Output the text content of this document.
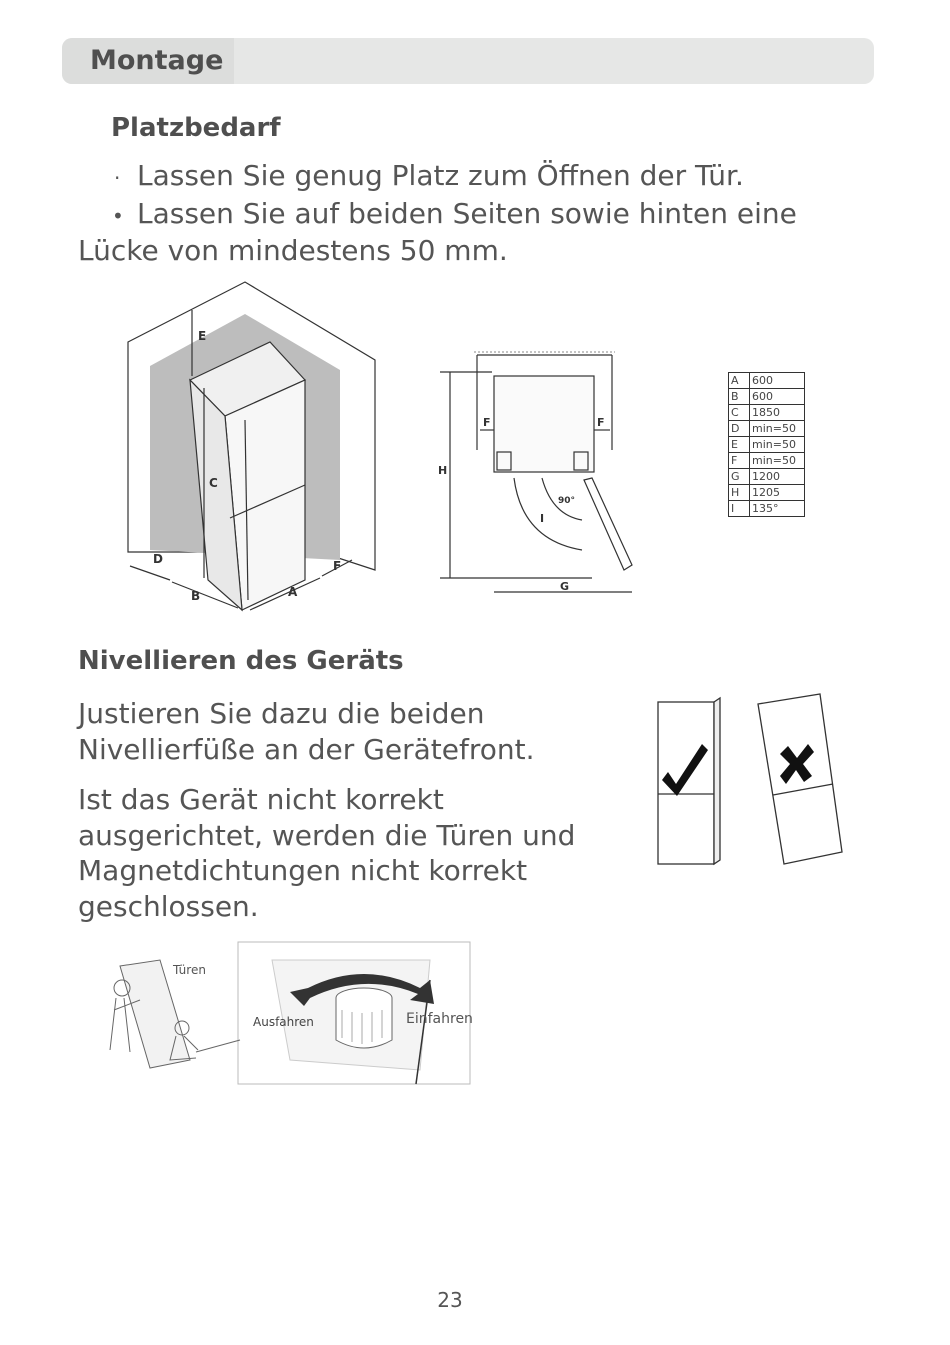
Montage
Platzbedarf
· Lassen Sie genug Platz zum Öffnen der Tür.
• Lassen Sie auf beiden Seiten sowie hinten eine
Lücke von mindestens 50 mm.
E
C
D
B	A
F
H
F	F
90°
I
G
A	600
B	600
C	1850
D	min=50
E	min=50
F	min=50
G	1200
H	1205
I	135°
Nivellieren des Geräts
Justieren Sie dazu die beiden
Nivellierfüße an der Gerätefront.
Ist das Gerät nicht korrekt
ausgerichtet, werden die Türen und
Magnetdichtungen nicht korrekt
geschlossen.
Türen
Ausfahren	Einfahren
23
